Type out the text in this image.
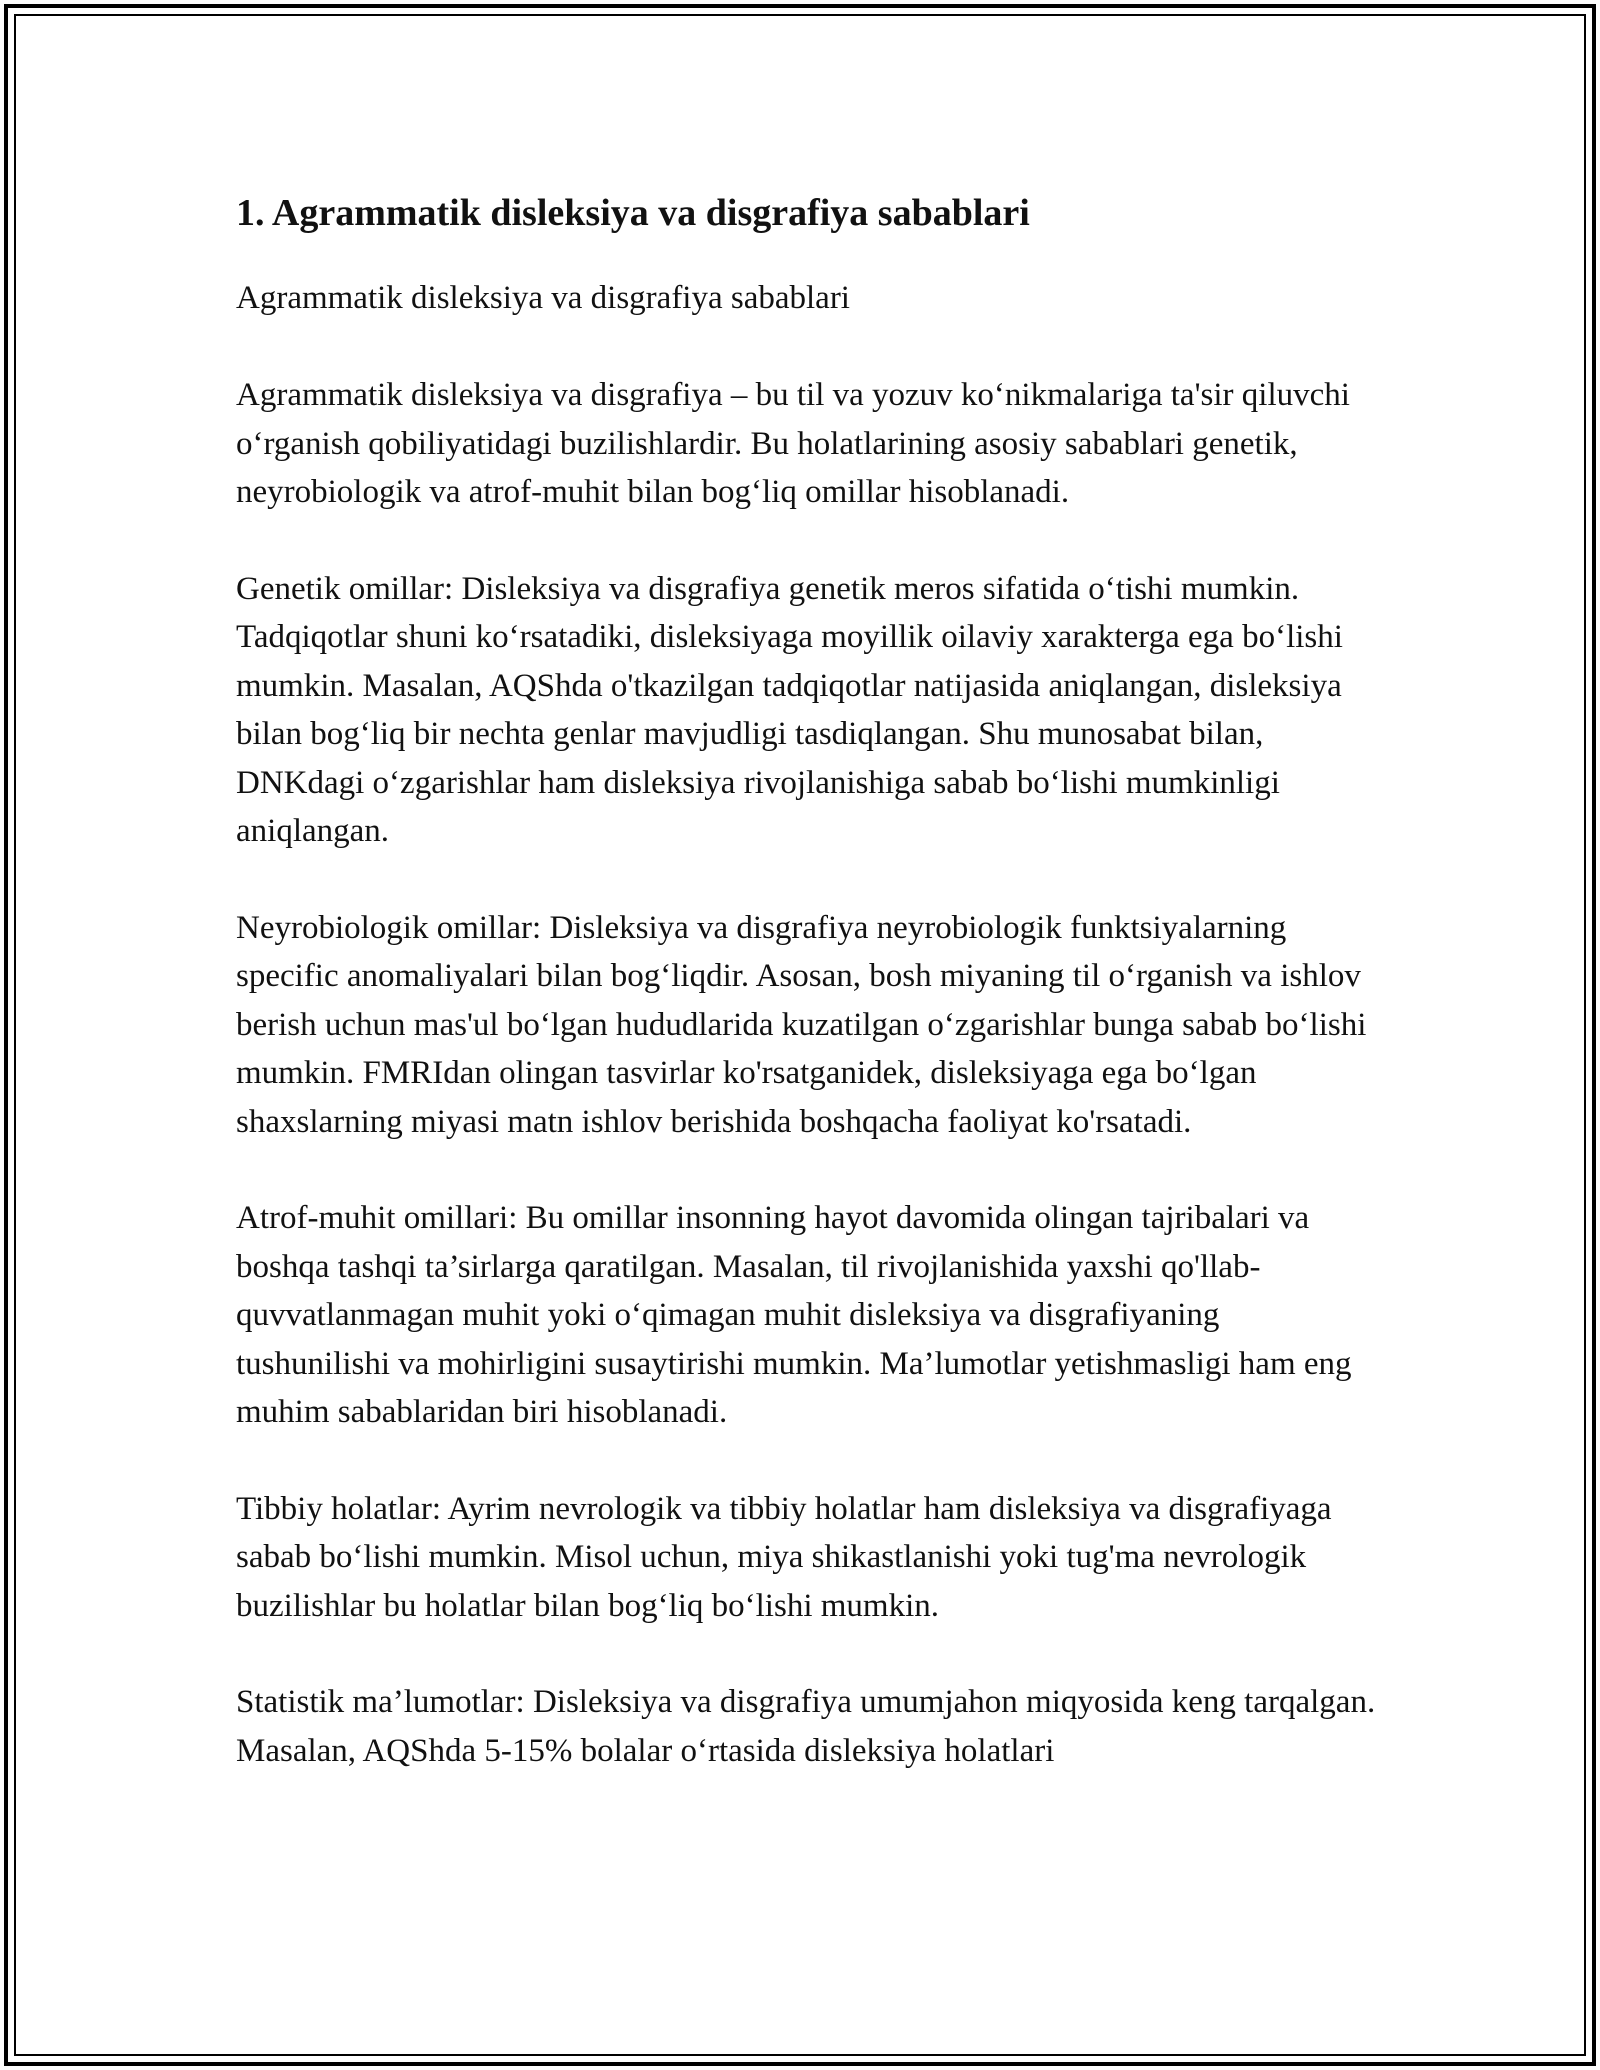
1. Agrammatik disleksiya va disgrafiya sabablari

Agrammatik disleksiya va disgrafiya sabablari

Agrammatik disleksiya va disgrafiya – bu til va yozuv koʻnikmalariga ta'sir qiluvchi oʻrganish qobiliyatidagi buzilishlardir. Bu holatlarining asosiy sabablari genetik, neyrobiologik va atrof-muhit bilan bogʻliq omillar hisoblanadi.

Genetik omillar: Disleksiya va disgrafiya genetik meros sifatida oʻtishi mumkin. Tadqiqotlar shuni koʻrsatadiki, disleksiyaga moyillik oilaviy xarakterga ega boʻlishi mumkin. Masalan, AQShda o'tkazilgan tadqiqotlar natijasida aniqlangan, disleksiya bilan bogʻliq bir nechta genlar mavjudligi tasdiqlangan. Shu munosabat bilan, DNKdagi oʻzgarishlar ham disleksiya rivojlanishiga sabab boʻlishi mumkinligi aniqlangan.

Neyrobiologik omillar: Disleksiya va disgrafiya neyrobiologik funktsiyalarning specific anomaliyalari bilan bogʻliqdir. Asosan, bosh miyaning til oʻrganish va ishlov berish uchun mas'ul boʻlgan hududlarida kuzatilgan oʻzgarishlar bunga sabab boʻlishi mumkin. FMRIdan olingan tasvirlar ko'rsatganidek, disleksiyaga ega boʻlgan shaxslarning miyasi matn ishlov berishida boshqacha faoliyat ko'rsatadi.

Atrof-muhit omillari: Bu omillar insonning hayot davomida olingan tajribalari va boshqa tashqi ta’sirlarga qaratilgan. Masalan, til rivojlanishida yaxshi qo'llab-quvvatlanmagan muhit yoki oʻqimagan muhit disleksiya va disgrafiyaning tushunilishi va mohirligini susaytirishi mumkin. Ma’lumotlar yetishmasligi ham eng muhim sabablaridan biri hisoblanadi.

Tibbiy holatlar: Ayrim nevrologik va tibbiy holatlar ham disleksiya va disgrafiyaga sabab boʻlishi mumkin. Misol uchun, miya shikastlanishi yoki tug'ma nevrologik buzilishlar bu holatlar bilan bogʻliq boʻlishi mumkin.

Statistik ma’lumotlar: Disleksiya va disgrafiya umumjahon miqyosida keng tarqalgan. Masalan, AQShda 5-15% bolalar oʻrtasida disleksiya holatlari
